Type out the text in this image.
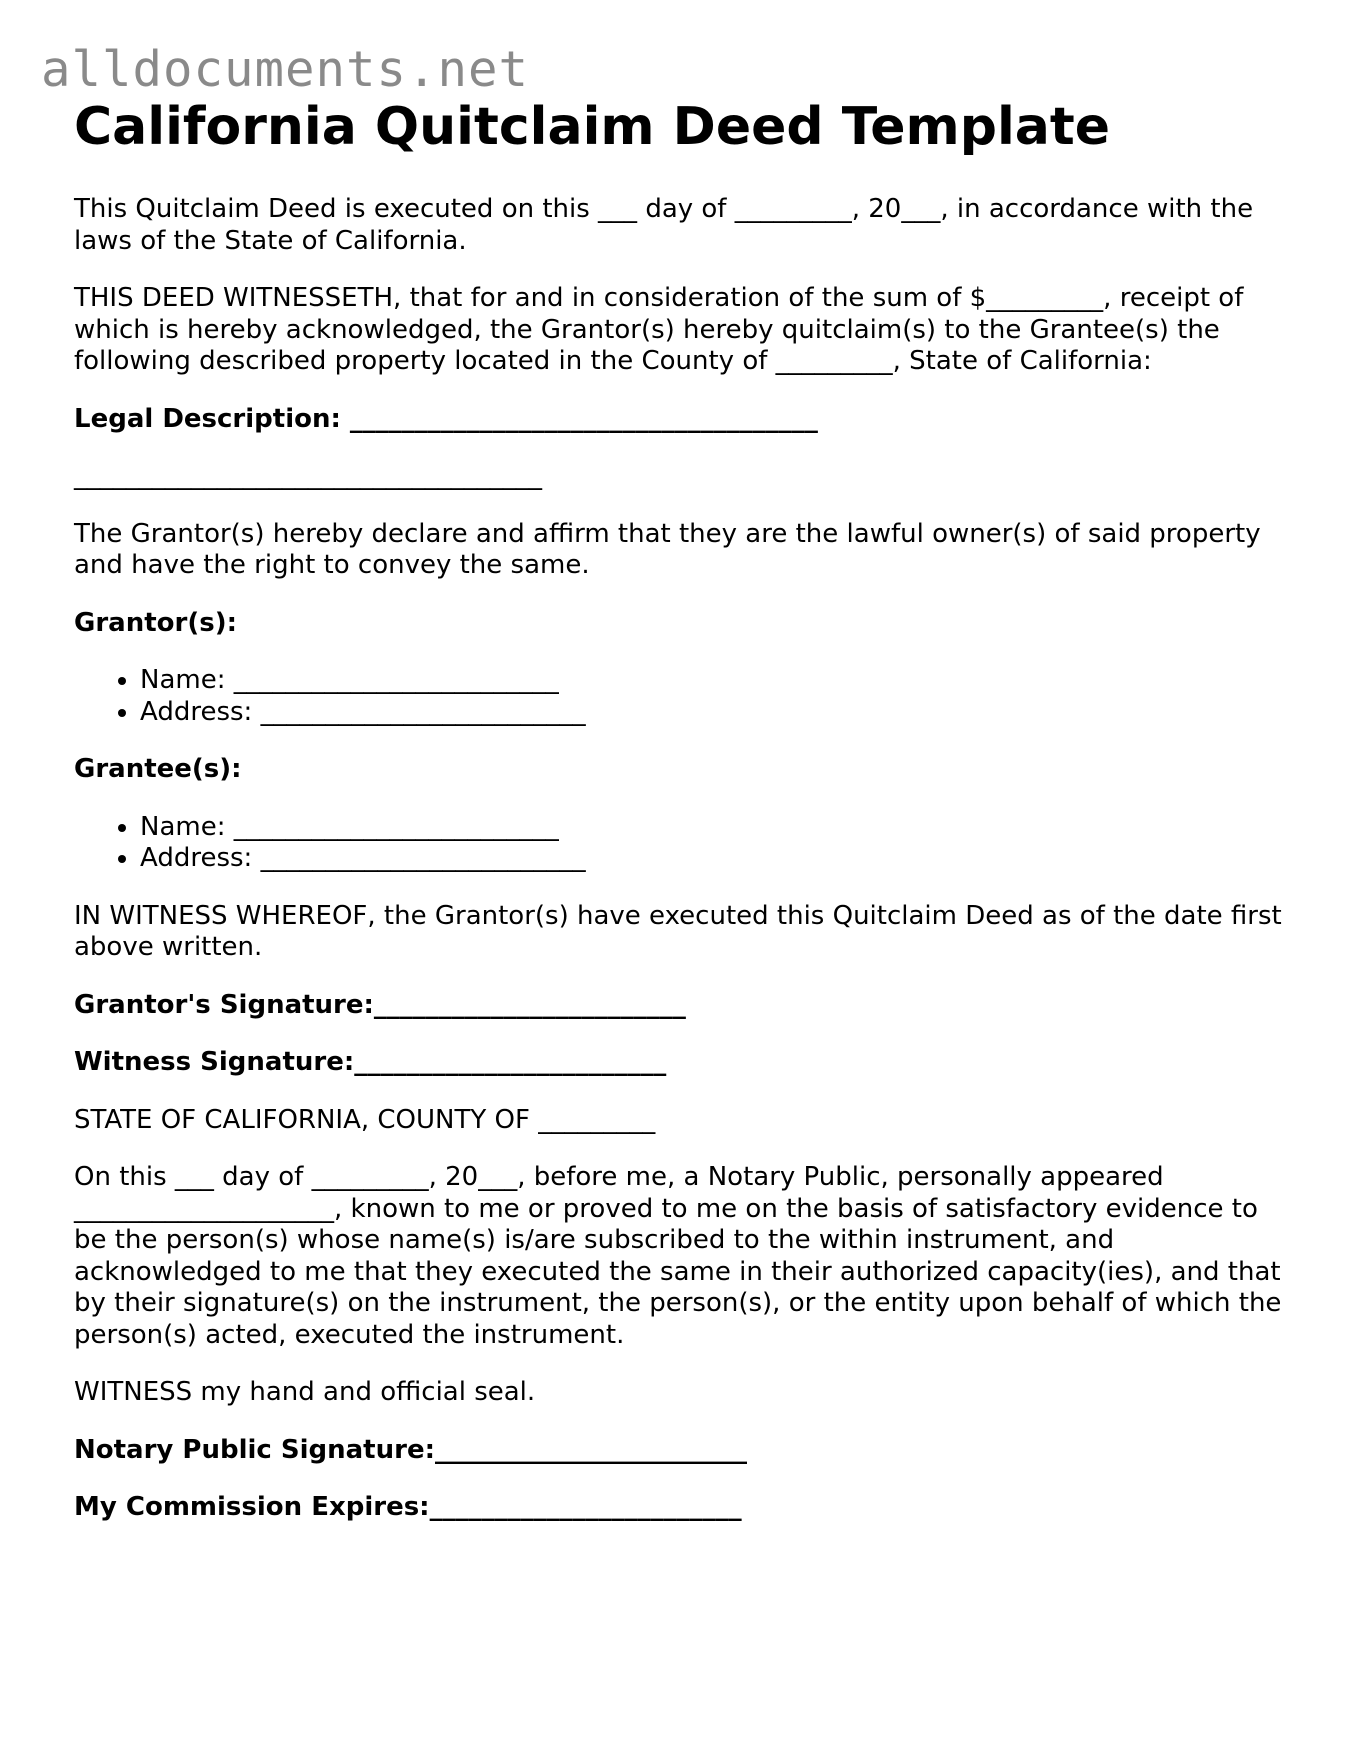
alldocuments.net
California Quitclaim Deed Template

This Quitclaim Deed is executed on this ___ day of _________, 20___, in accordance with the laws of the State of California.

THIS DEED WITNESSETH, that for and in consideration of the sum of $_________, receipt of which is hereby acknowledged, the Grantor(s) hereby quitclaim(s) to the Grantee(s) the following described property located in the County of _________, State of California:

Legal Description: ____________________________________

____________________________________

The Grantor(s) hereby declare and affirm that they are the lawful owner(s) of said property and have the right to convey the same.

Grantor(s):

• Name: _________________________
• Address: _________________________

Grantee(s):

• Name: _________________________
• Address: _________________________

IN WITNESS WHEREOF, the Grantor(s) have executed this Quitclaim Deed as of the date first above written.

Grantor's Signature:________________________

Witness Signature:________________________

STATE OF CALIFORNIA, COUNTY OF _________

On this ___ day of _________, 20___, before me, a Notary Public, personally appeared ____________________, known to me or proved to me on the basis of satisfactory evidence to be the person(s) whose name(s) is/are subscribed to the within instrument, and acknowledged to me that they executed the same in their authorized capacity(ies), and that by their signature(s) on the instrument, the person(s), or the entity upon behalf of which the person(s) acted, executed the instrument.

WITNESS my hand and official seal.

Notary Public Signature:________________________

My Commission Expires:________________________
